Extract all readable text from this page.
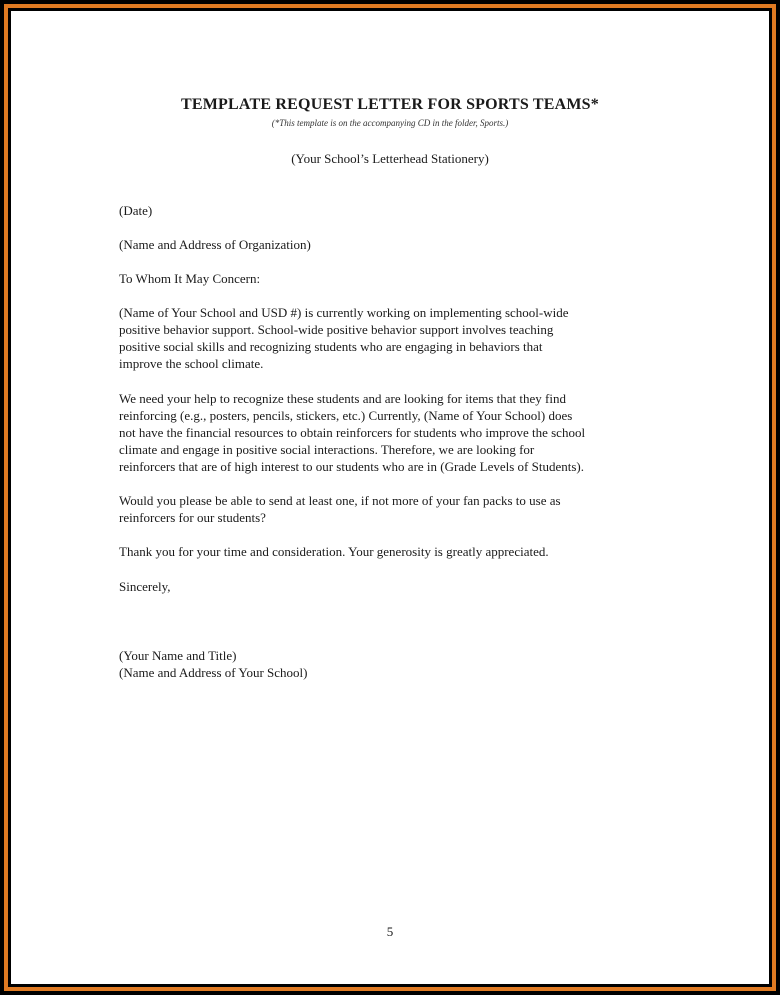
TEMPLATE REQUEST LETTER FOR SPORTS TEAMS*
(*This template is on the accompanying CD in the folder, Sports.)
(Your School’s Letterhead Stationery)
(Date)
(Name and Address of Organization)
To Whom It May Concern:
(Name of Your School and USD #) is currently working on implementing school-wide
positive behavior support. School-wide positive behavior support involves teaching
positive social skills and recognizing students who are engaging in behaviors that
improve the school climate.
We need your help to recognize these students and are looking for items that they find
reinforcing (e.g., posters, pencils, stickers, etc.) Currently, (Name of Your School) does
not have the financial resources to obtain reinforcers for students who improve the school
climate and engage in positive social interactions. Therefore, we are looking for
reinforcers that are of high interest to our students who are in (Grade Levels of Students).
Would you please be able to send at least one, if not more of your fan packs to use as
reinforcers for our students?
Thank you for your time and consideration. Your generosity is greatly appreciated.
Sincerely,
(Your Name and Title)
(Name and Address of Your School)
5
